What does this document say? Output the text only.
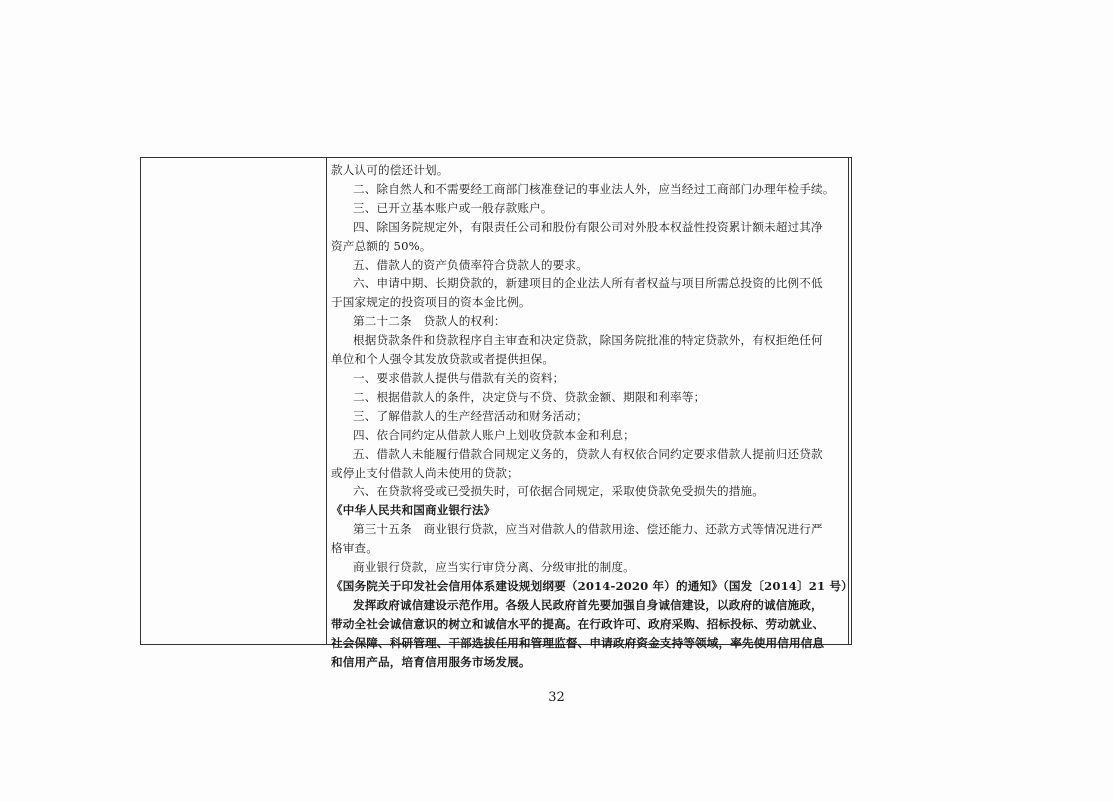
款人认可的偿还计划。

二、除自然人和不需要经工商部门核准登记的事业法人外，应当经过工商部门办理年检手续。

三、已开立基本账户或一般存款账户。

四、除国务院规定外，有限责任公司和股份有限公司对外股本权益性投资累计额未超过其净

资产总额的 50%。

五、借款人的资产负债率符合贷款人的要求。

六、申请中期、长期贷款的，新建项目的企业法人所有者权益与项目所需总投资的比例不低

于国家规定的投资项目的资本金比例。

第二十二条　贷款人的权利：

根据贷款条件和贷款程序自主审查和决定贷款，除国务院批准的特定贷款外，有权拒绝任何

单位和个人强令其发放贷款或者提供担保。

一、要求借款人提供与借款有关的资料；

二、根据借款人的条件，决定贷与不贷、贷款金额、期限和利率等；

三、了解借款人的生产经营活动和财务活动；

四、依合同约定从借款人账户上划收贷款本金和利息；

五、借款人未能履行借款合同规定义务的，贷款人有权依合同约定要求借款人提前归还贷款

或停止支付借款人尚未使用的贷款；

六、在贷款将受或已受损失时，可依据合同规定，采取使贷款免受损失的措施。

《中华人民共和国商业银行法》

第三十五条　商业银行贷款，应当对借款人的借款用途、偿还能力、还款方式等情况进行严

格审查。

商业银行贷款，应当实行审贷分离、分级审批的制度。

《国务院关于印发社会信用体系建设规划纲要（2014-2020 年）的通知》（国发〔2014〕21 号）

发挥政府诚信建设示范作用。各级人民政府首先要加强自身诚信建设，以政府的诚信施政，

带动全社会诚信意识的树立和诚信水平的提高。在行政许可、政府采购、招标投标、劳动就业、

社会保障、科研管理、干部选拔任用和管理监督、申请政府资金支持等领域，率先使用信用信息

和信用产品，培育信用服务市场发展。

32
